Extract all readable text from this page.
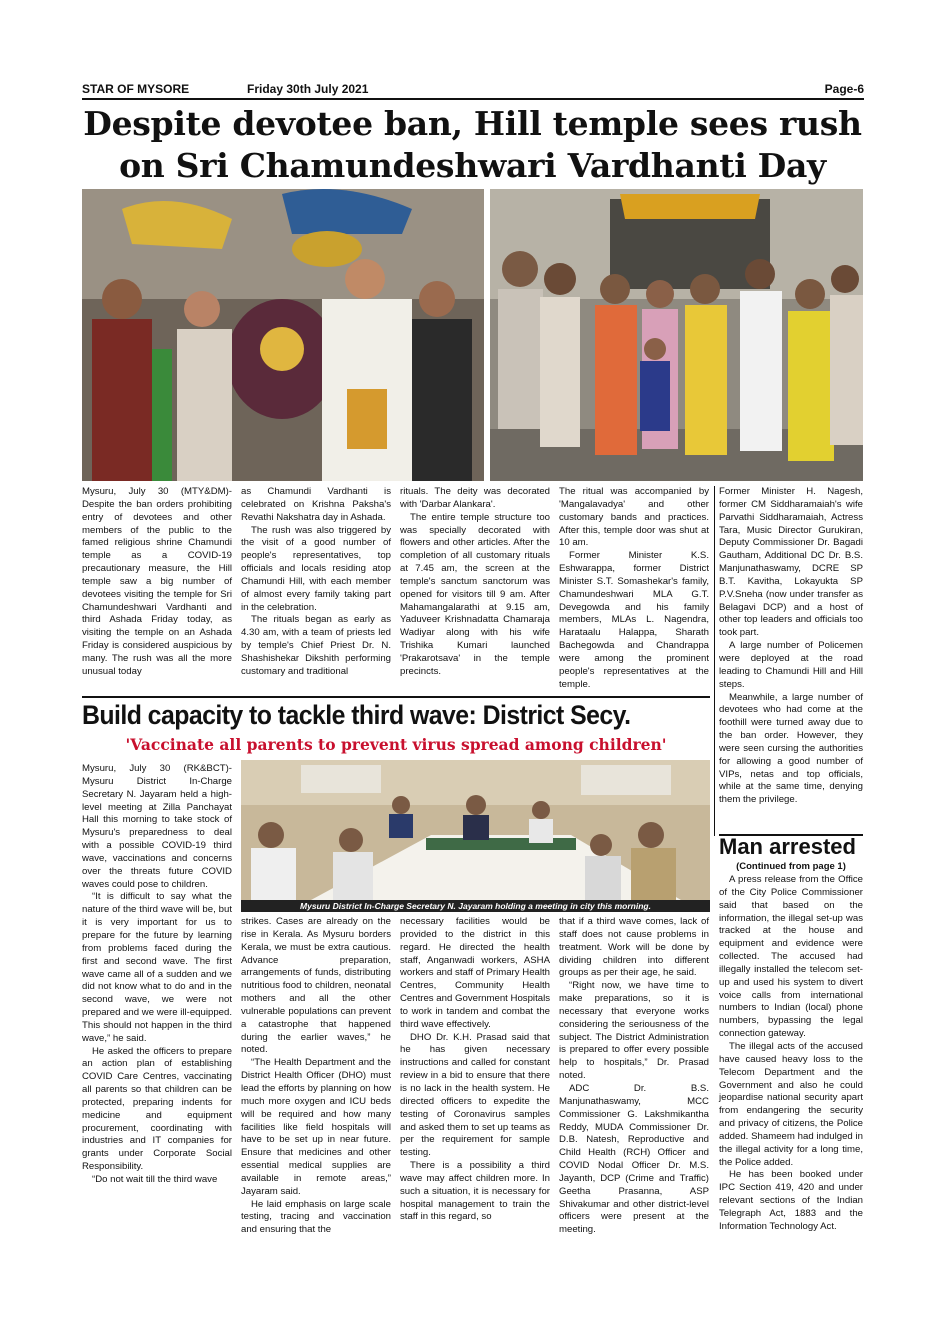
STAR OF MYSORE	Friday 30th July 2021	Page-6
Despite devotee ban, Hill temple sees rush
on Sri Chamundeshwari Vardhanti Day

Mysuru, July 30 (MTY&DM)- Despite the ban orders prohibiting entry of devotees and other members of the public to the famed religious shrine Chamundi temple as a COVID-19 precautionary measure, the Hill temple saw a big number of devotees visiting the temple for Sri Chamundeshwari Vardhanti and third Ashada Friday today, as visiting the temple on an Ashada Friday is considered auspicious by many. The rush was all the more unusual today

as Chamundi Vardhanti is celebrated on Krishna Paksha's Revathi Nakshatra day in Ashada.

The rush was also triggered by the visit of a good number of people's representatives, top officials and locals residing atop Chamundi Hill, with each member of almost every family taking part in the celebration.

The rituals began as early as 4.30 am, with a team of priests led by temple's Chief Priest Dr. N. Shashishekar Dikshith performing customary and traditional

rituals. The deity was decorated with 'Darbar Alankara'.

The entire temple structure too was specially decorated with flowers and other articles. After the completion of all customary rituals at 7.45 am, the screen at the temple's sanctum sanctorum was opened for visitors till 9 am. After Mahamangalarathi at 9.15 am, Yaduveer Krishnadatta Chamaraja Wadiyar along with his wife Trishika Kumari launched 'Prakarotsava' in the temple precincts.

The ritual was accompanied by 'Mangalavadya' and other customary bands and practices. After this, temple door was shut at 10 am.

Former Minister K.S. Eshwarappa, former District Minister S.T. Somashekar's family, Chamundeshwari MLA G.T. Devegowda and his family members, MLAs L. Nagendra, Harataalu Halappa, Sharath Bachegowda and Chandrappa were among the prominent people's representatives at the temple.

Former Minister H. Nagesh, former CM Siddharamaiah's wife Parvathi Siddharamaiah, Actress Tara, Music Director Gurukiran, Deputy Commissioner Dr. Bagadi Gautham, Additional DC Dr. B.S. Manjunathaswamy, DCRE SP B.T. Kavitha, Lokayukta SP P.V.Sneha (now under transfer as Belagavi DCP) and a host of other top leaders and officials too took part.

A large number of Policemen were deployed at the road leading to Chamundi Hill and Hill steps.

Meanwhile, a large number of devotees who had come at the foothill were turned away due to the ban order. However, they were seen cursing the authorities for allowing a good number of VIPs, netas and top officials, while at the same time, denying them the privilege.

Build capacity to tackle third wave: District Secy.
'Vaccinate all parents to prevent virus spread among children'
Mysuru District In-Charge Secretary N. Jayaram holding a meeting in city this morning.

Mysuru, July 30 (RK&BCT)- Mysuru District In-Charge Secretary N. Jayaram held a high-level meeting at Zilla Panchayat Hall this morning to take stock of Mysuru's preparedness to deal with a possible COVID-19 third wave, vaccinations and concerns over the threats future COVID waves could pose to children.

“It is difficult to say what the nature of the third wave will be, but it is very important for us to prepare for the future by learning from problems faced during the first and second wave. The first wave came all of a sudden and we did not know what to do and in the second wave, we were not prepared and we were ill-equipped. This should not happen in the third wave,” he said.

He asked the officers to prepare an action plan of establishing COVID Care Centres, vaccinating all parents so that children can be protected, preparing indents for medicine and equipment procurement, coordinating with industries and IT companies for grants under Corporate Social Responsibility.

“Do not wait till the third wave

strikes. Cases are already on the rise in Kerala. As Mysuru borders Kerala, we must be extra cautious. Advance preparation, arrangements of funds, distributing nutritious food to children, neonatal mothers and all the other vulnerable populations can prevent a catastrophe that happened during the earlier waves,” he noted.

“The Health Department and the District Health Officer (DHO) must lead the efforts by planning on how much more oxygen and ICU beds will be required and how many facilities like field hospitals will have to be set up in near future. Ensure that medicines and other essential medical supplies are available in remote areas,” Jayaram said.

He laid emphasis on large scale testing, tracing and vaccination and ensuring that the

necessary facilities would be provided to the district in this regard. He directed the health staff, Anganwadi workers, ASHA workers and staff of Primary Health Centres, Community Health Centres and Government Hospitals to work in tandem and combat the third wave effectively.

DHO Dr. K.H. Prasad said that he has given necessary instructions and called for constant review in a bid to ensure that there is no lack in the health system. He directed officers to expedite the testing of Coronavirus samples and asked them to set up teams as per the requirement for sample testing.

There is a possibility a third wave may affect children more. In such a situation, it is necessary for hospital management to train the staff in this regard, so

that if a third wave comes, lack of staff does not cause problems in treatment. Work will be done by dividing children into different groups as per their age, he said.

“Right now, we have time to make preparations, so it is necessary that everyone works considering the seriousness of the subject. The District Administration is prepared to offer every possible help to hospitals,” Dr. Prasad noted.

ADC Dr. B.S. Manjunathaswamy, MCC Commissioner G. Lakshmikantha Reddy, MUDA Commissioner Dr. D.B. Natesh, Reproductive and Child Health (RCH) Officer and COVID Nodal Officer Dr. M.S. Jayanth, DCP (Crime and Traffic) Geetha Prasanna, ASP Shivakumar and other district-level officers were present at the meeting.

Man arrested
(Continued from page 1)

A press release from the Office of the City Police Commissioner said that based on the information, the illegal set-up was tracked at the house and equipment and evidence were collected. The accused had illegally installed the telecom set-up and used his system to divert voice calls from international numbers to Indian (local) phone numbers, bypassing the legal connection gateway.

The illegal acts of the accused have caused heavy loss to the Telecom Department and the Government and also he could jeopardise national security apart from endangering the security and privacy of citizens, the Police added. Shameem had indulged in the illegal activity for a long time, the Police added.

He has been booked under IPC Section 419, 420 and under relevant sections of the Indian Telegraph Act, 1883 and the Information Technology Act.
